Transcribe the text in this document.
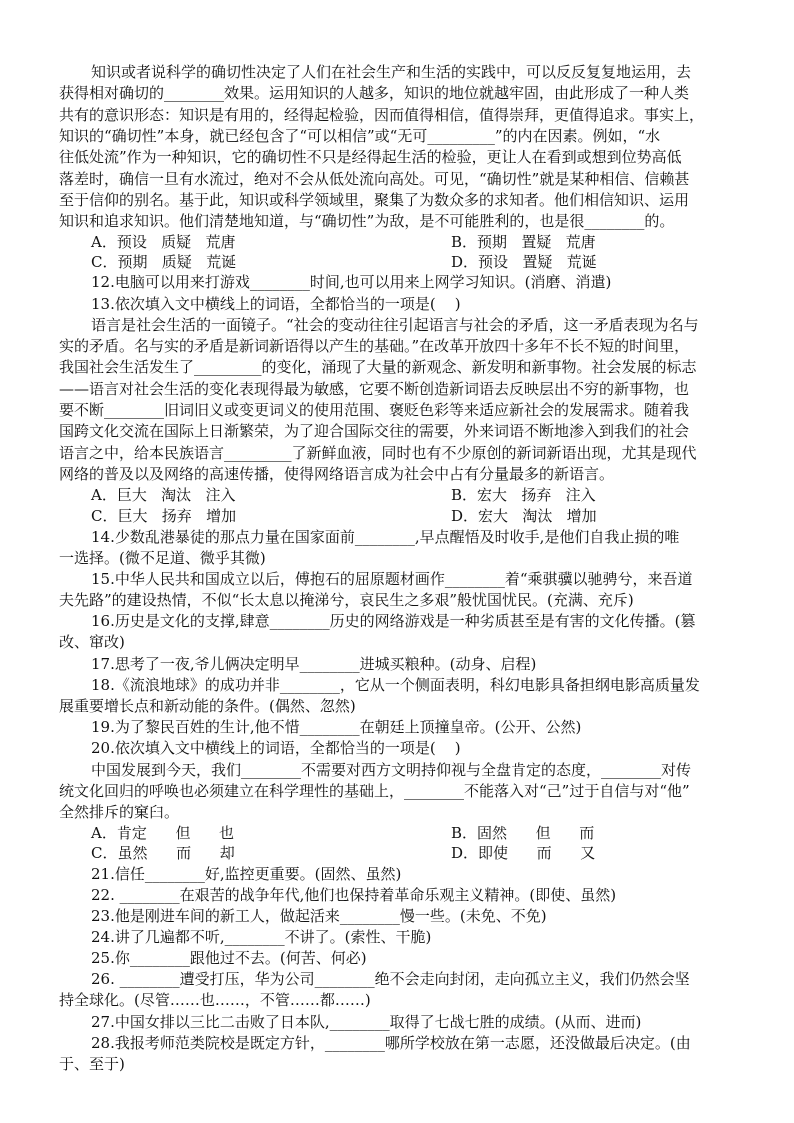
知识或者说科学的确切性决定了人们在社会生产和生活的实践中，可以反反复复地运用，去
获得相对确切的________效果。运用知识的人越多，知识的地位就越牢固，由此形成了一种人类
共有的意识形态：知识是有用的，经得起检验，因而值得相信，值得崇拜，更值得追求。事实上，
知识的“确切性”本身，就已经包含了“可以相信”或“无可_________”的内在因素。例如，“水
往低处流”作为一种知识，它的确切性不只是经得起生活的检验，更让人在看到或想到位势高低
落差时，确信一旦有水流过，绝对不会从低处流向高处。可见，“确切性”就是某种相信、信赖甚
至于信仰的别名。基于此，知识或科学领域里，聚集了为数众多的求知者。他们相信知识、运用
知识和追求知识。他们清楚地知道，与“确切性”为敌，是不可能胜利的，也是很________的。
A．预设   质疑   荒唐	B．预期   置疑   荒唐
C．预期   质疑   荒诞	D．预设   置疑   荒诞
12.电脑可以用来打游戏________时间,也可以用来上网学习知识。(消磨、消遣)
13.依次填入文中横线上的词语，全都恰当的一项是(    )
语言是社会生活的一面镜子。“社会的变动往往引起语言与社会的矛盾，这一矛盾表现为名与
实的矛盾。名与实的矛盾是新词新语得以产生的基础。”在改革开放四十多年不长不短的时间里，
我国社会生活发生了_________的变化，涌现了大量的新观念、新发明和新事物。社会发展的标志
——语言对社会生活的变化表现得最为敏感，它要不断创造新词语去反映层出不穷的新事物，也
要不断________旧词旧义或变更词义的使用范围、褒贬色彩等来适应新社会的发展需求。随着我
国跨文化交流在国际上日渐繁荣，为了迎合国际交往的需要，外来词语不断地渗入到我们的社会
语言之中，给本民族语言_________了新鲜血液，同时也有不少原创的新词新语出现，尤其是现代
网络的普及以及网络的高速传播，使得网络语言成为社会中占有分量最多的新语言。
A．巨大   淘汰   注入	B．宏大   扬弃   注入
C．巨大   扬弃   增加	D．宏大   淘汰   增加
14.少数乱港暴徒的那点力量在国家面前________,早点醒悟及时收手,是他们自我止损的唯
一选择。(微不足道、微乎其微)
15.中华人民共和国成立以后，傅抱石的屈原题材画作________着“乘骐骥以驰骋兮，来吾道
夫先路”的建设热情，不似“长太息以掩涕兮，哀民生之多艰”般忧国忧民。(充满、充斥)
16.历史是文化的支撑,肆意________历史的网络游戏是一种劣质甚至是有害的文化传播。(篡
改、窜改)
17.思考了一夜,爷儿俩决定明早________进城买粮种。(动身、启程)
18.《流浪地球》的成功并非________，它从一个侧面表明，科幻电影具备担纲电影高质量发
展重要增长点和新动能的条件。(偶然、忽然)
19.为了黎民百姓的生计,他不惜________在朝廷上顶撞皇帝。(公开、公然)
20.依次填入文中横线上的词语，全都恰当的一项是(    )
中国发展到今天，我们________不需要对西方文明持仰视与全盘肯定的态度，________对传
统文化回归的呼唤也必须建立在科学理性的基础上，________不能落入对“己”过于自信与对“他”
全然排斥的窠臼。
A．肯定      但      也	B．固然      但      而
C．虽然      而      却	D．即使      而      又
21.信任________好,监控更重要。(固然、虽然)
22. ________在艰苦的战争年代,他们也保持着革命乐观主义精神。(即使、虽然)
23.他是刚进车间的新工人，做起活来________慢一些。(未免、不免)
24.讲了几遍都不听,________不讲了。(索性、干脆)
25.你________跟他过不去。(何苦、何必)
26. ________遭受打压，华为公司________绝不会走向封闭，走向孤立主义，我们仍然会坚
持全球化。(尽管……也……，不管……都……)
27.中国女排以三比二击败了日本队,________取得了七战七胜的成绩。(从而、进而)
28.我报考师范类院校是既定方针，________哪所学校放在第一志愿，还没做最后决定。(由
于、至于)
